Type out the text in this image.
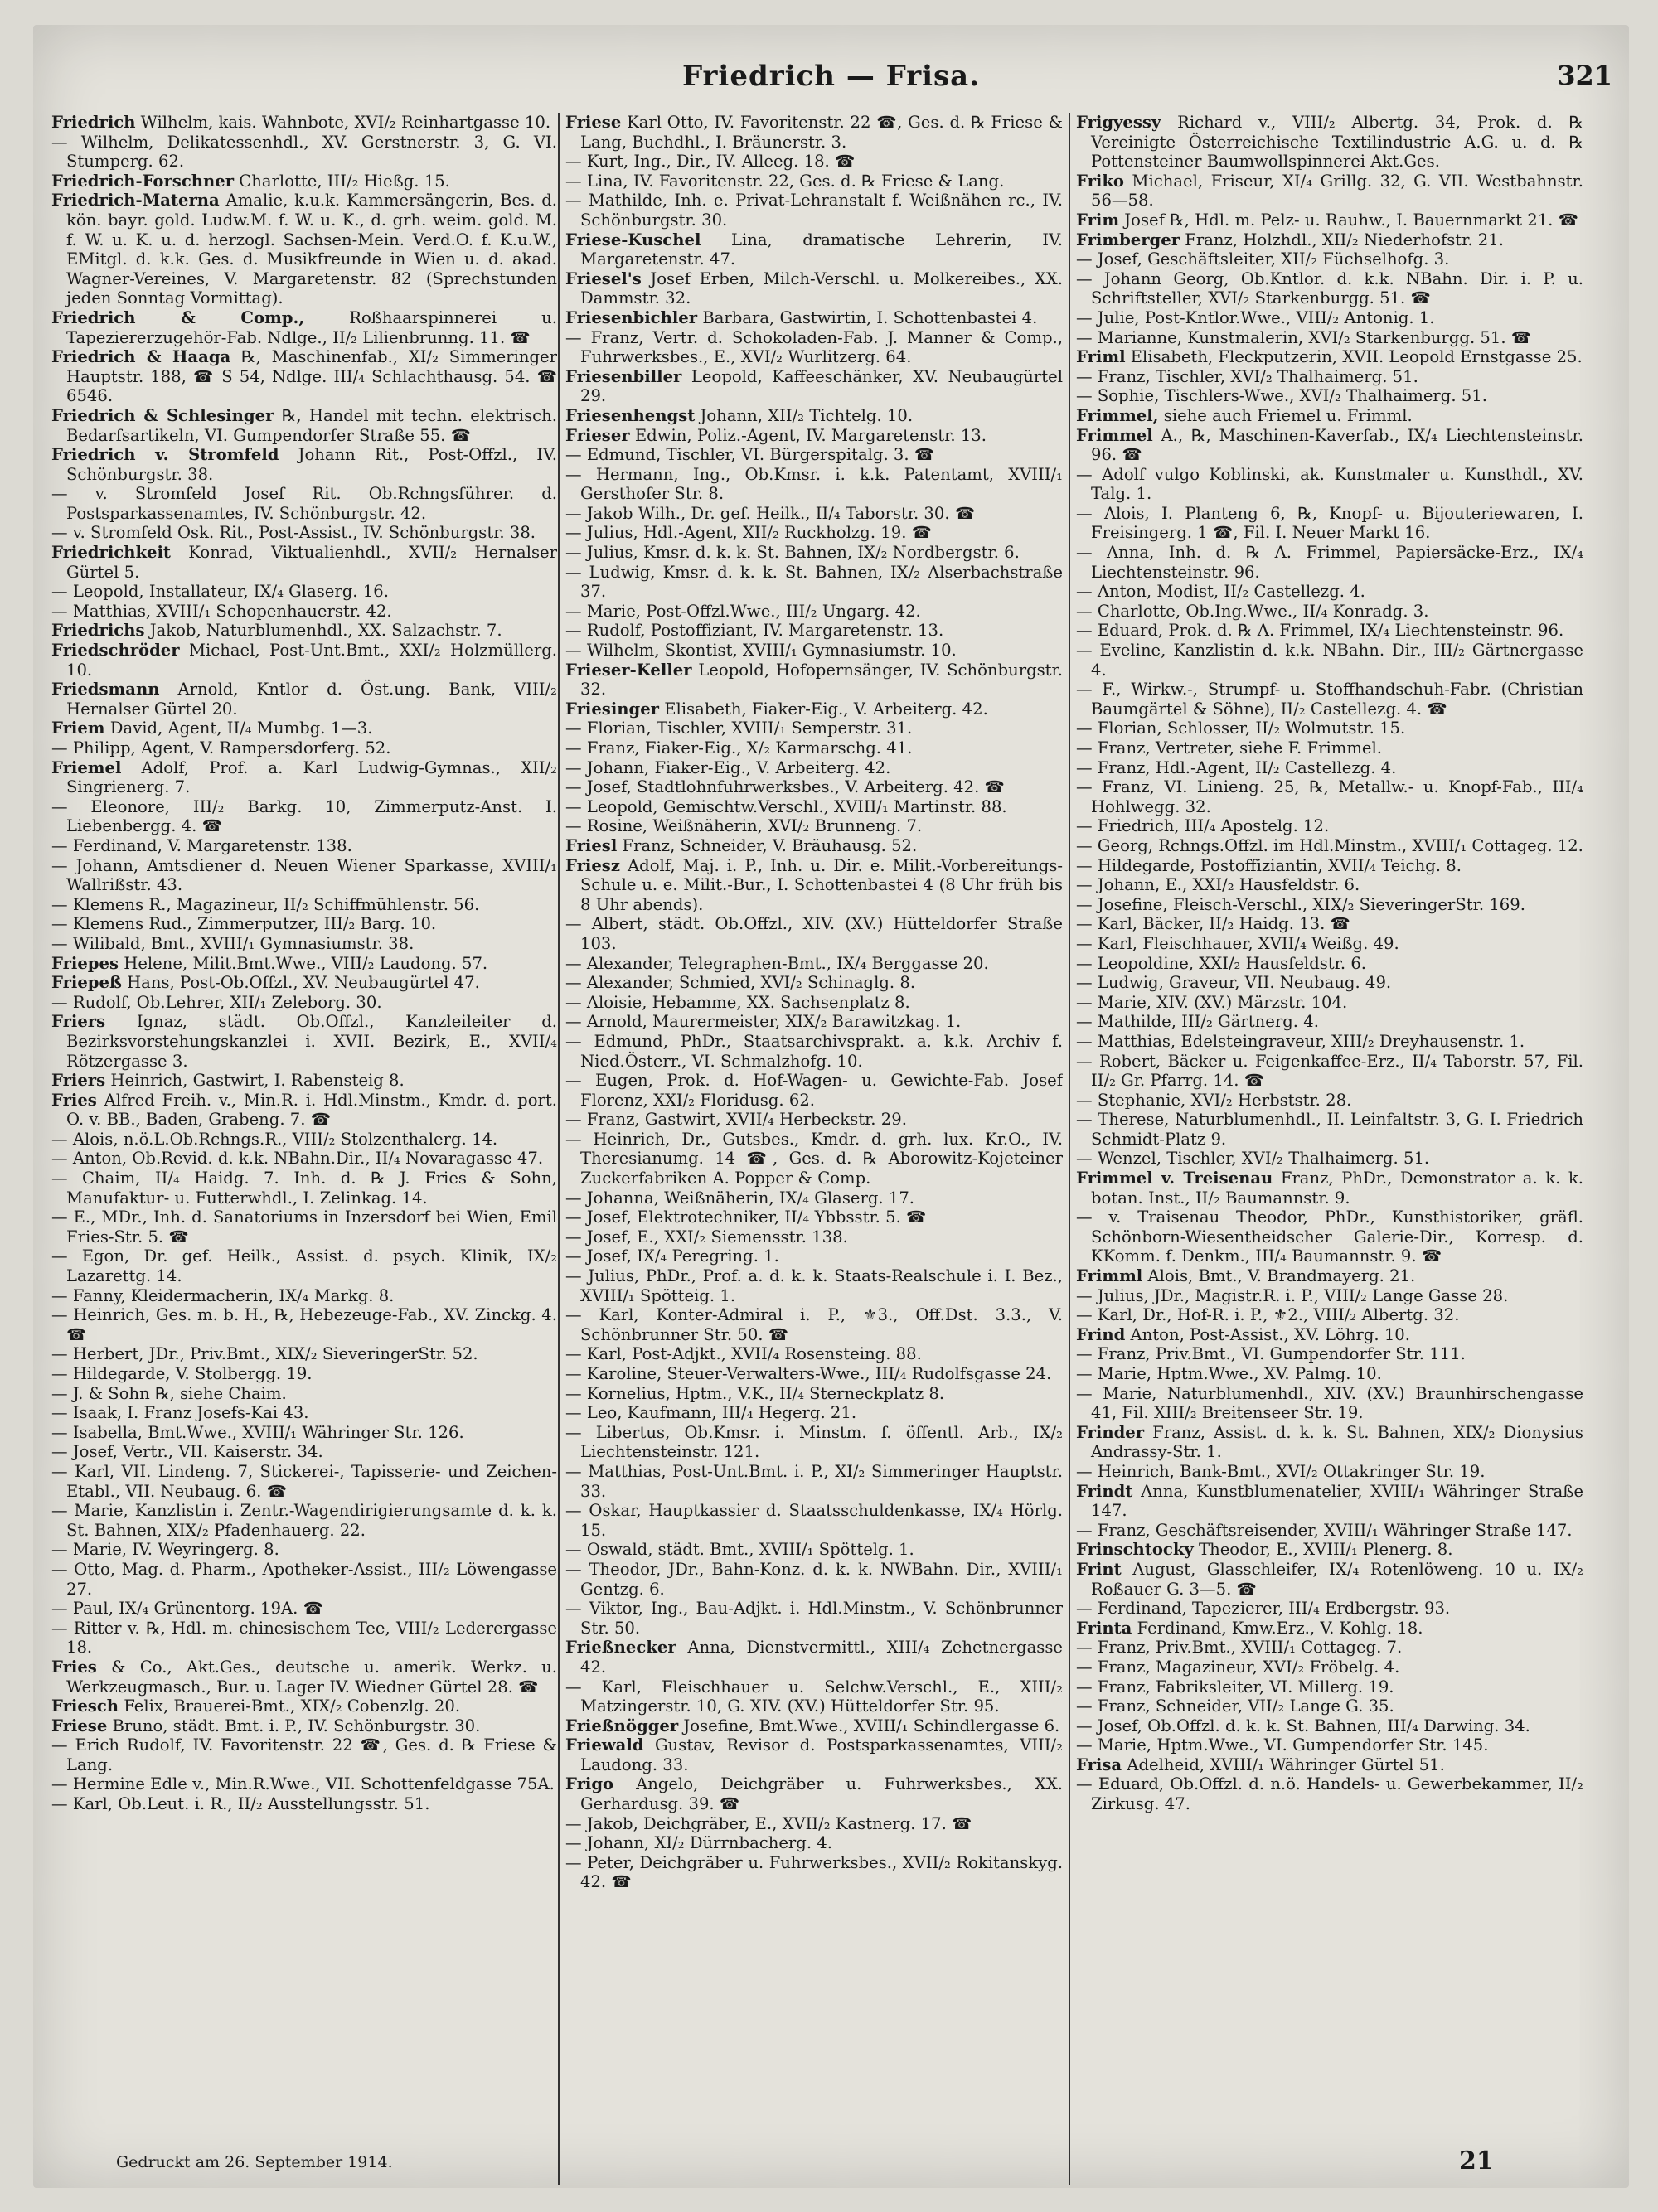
Friedrich — Frisa.	321
Friedrich Wilhelm, kais. Wahnbote, XVI/₂ Reinhartgasse 10.
— Wilhelm, Delikatessenhdl., XV. Gerstnerstr. 3, G. VI. Stumperg. 62.
Friedrich-Forschner Charlotte, III/₂ Hießg. 15.
Friedrich-Materna Amalie, k.u.k. Kammersängerin, Bes. d. kön. bayr. gold. Ludw.M. f. W. u. K., d. grh. weim. gold. M. f. W. u. K. u. d. herzogl. Sachsen-Mein. Verd.O. f. K.u.W., EMitgl. d. k.k. Ges. d. Musikfreunde in Wien u. d. akad. Wagner-Vereines, V. Margaretenstr. 82 (Sprechstunden jeden Sonntag Vormittag).
Friedrich & Comp., Roßhaarspinnerei u. Tapeziererzugehör-Fab. Ndlge., II/₂ Lilienbrunng. 11. ☎
Friedrich & Haaga ℞, Maschinenfab., XI/₂ Simmeringer Hauptstr. 188, ☎ S 54, Ndlge. III/₄ Schlachthausg. 54. ☎ 6546.
Friedrich & Schlesinger ℞, Handel mit techn. elektrisch. Bedarfsartikeln, VI. Gumpendorfer Straße 55. ☎
Friedrich v. Stromfeld Johann Rit., Post-Offzl., IV. Schönburgstr. 38.
— v. Stromfeld Josef Rit. Ob.Rchngsführer. d. Postsparkassenamtes, IV. Schönburgstr. 42.
— v. Stromfeld Osk. Rit., Post-Assist., IV. Schönburgstr. 38.
Friedrichkeit Konrad, Viktualienhdl., XVII/₂ Hernalser Gürtel 5.
— Leopold, Installateur, IX/₄ Glaserg. 16.
— Matthias, XVIII/₁ Schopenhauerstr. 42.
Friedrichs Jakob, Naturblumenhdl., XX. Salzachstr. 7.
Friedschröder Michael, Post-Unt.Bmt., XXI/₂ Holzmüllerg. 10.
Friedsmann Arnold, Kntlor d. Öst.ung. Bank, VIII/₂ Hernalser Gürtel 20.
Friem David, Agent, II/₄ Mumbg. 1—3.
— Philipp, Agent, V. Rampersdorferg. 52.
Friemel Adolf, Prof. a. Karl Ludwig-Gymnas., XII/₂ Singrienerg. 7.
— Eleonore, III/₂ Barkg. 10, Zimmerputz-Anst. I. Liebenbergg. 4. ☎
— Ferdinand, V. Margaretenstr. 138.
— Johann, Amtsdiener d. Neuen Wiener Sparkasse, XVIII/₁ Wallrißstr. 43.
— Klemens R., Magazineur, II/₂ Schiffmühlenstr. 56.
— Klemens Rud., Zimmerputzer, III/₂ Barg. 10.
— Wilibald, Bmt., XVIII/₁ Gymnasiumstr. 38.
Friepes Helene, Milit.Bmt.Wwe., VIII/₂ Laudong. 57.
Friepeß Hans, Post-Ob.Offzl., XV. Neubaugürtel 47.
— Rudolf, Ob.Lehrer, XII/₁ Zeleborg. 30.
Friers Ignaz, städt. Ob.Offzl., Kanzleileiter d. Bezirksvorstehungskanzlei i. XVII. Bezirk, E., XVII/₄ Rötzergasse 3.
Friers Heinrich, Gastwirt, I. Rabensteig 8.
Fries Alfred Freih. v., Min.R. i. Hdl.Minstm., Kmdr. d. port. O. v. BB., Baden, Grabeng. 7. ☎
— Alois, n.ö.L.Ob.Rchngs.R., VIII/₂ Stolzenthalerg. 14.
— Anton, Ob.Revid. d. k.k. NBahn.Dir., II/₄ Novaragasse 47.
— Chaim, II/₄ Haidg. 7. Inh. d. ℞ J. Fries & Sohn, Manufaktur- u. Futterwhdl., I. Zelinkag. 14.
— E., MDr., Inh. d. Sanatoriums in Inzersdorf bei Wien, Emil Fries-Str. 5. ☎
— Egon, Dr. gef. Heilk., Assist. d. psych. Klinik, IX/₂ Lazarettg. 14.
— Fanny, Kleidermacherin, IX/₄ Markg. 8.
— Heinrich, Ges. m. b. H., ℞, Hebezeuge-Fab., XV. Zinckg. 4. ☎
— Herbert, JDr., Priv.Bmt., XIX/₂ SieveringerStr. 52.
— Hildegarde, V. Stolbergg. 19.
— J. & Sohn ℞, siehe Chaim.
— Isaak, I. Franz Josefs-Kai 43.
— Isabella, Bmt.Wwe., XVIII/₁ Währinger Str. 126.
— Josef, Vertr., VII. Kaiserstr. 34.
— Karl, VII. Lindeng. 7, Stickerei-, Tapisserie- und Zeichen-Etabl., VII. Neubaug. 6. ☎
— Marie, Kanzlistin i. Zentr.-Wagendirigierungsamte d. k. k. St. Bahnen, XIX/₂ Pfadenhauerg. 22.
— Marie, IV. Weyringerg. 8.
— Otto, Mag. d. Pharm., Apotheker-Assist., III/₂ Löwengasse 27.
— Paul, IX/₄ Grünentorg. 19A. ☎
— Ritter v. ℞, Hdl. m. chinesischem Tee, VIII/₂ Lederergasse 18.
Fries & Co., Akt.Ges., deutsche u. amerik. Werkz. u. Werkzeugmasch., Bur. u. Lager IV. Wiedner Gürtel 28. ☎
Friesch Felix, Brauerei-Bmt., XIX/₂ Cobenzlg. 20.
Friese Bruno, städt. Bmt. i. P., IV. Schönburgstr. 30.
— Erich Rudolf, IV. Favoritenstr. 22 ☎, Ges. d. ℞ Friese & Lang.
— Hermine Edle v., Min.R.Wwe., VII. Schottenfeldgasse 75A.
— Karl, Ob.Leut. i. R., II/₂ Ausstellungsstr. 51.
Friese Karl Otto, IV. Favoritenstr. 22 ☎, Ges. d. ℞ Friese & Lang, Buchdhl., I. Bräunerstr. 3.
— Kurt, Ing., Dir., IV. Alleeg. 18. ☎
— Lina, IV. Favoritenstr. 22, Ges. d. ℞ Friese & Lang.
— Mathilde, Inh. e. Privat-Lehranstalt f. Weißnähen rc., IV. Schönburgstr. 30.
Friese-Kuschel Lina, dramatische Lehrerin, IV. Margaretenstr. 47.
Friesel's Josef Erben, Milch-Verschl. u. Molkereibes., XX. Dammstr. 32.
Friesenbichler Barbara, Gastwirtin, I. Schottenbastei 4.
— Franz, Vertr. d. Schokoladen-Fab. J. Manner & Comp., Fuhrwerksbes., E., XVI/₂ Wurlitzerg. 64.
Friesenbiller Leopold, Kaffeeschänker, XV. Neubaugürtel 29.
Friesenhengst Johann, XII/₂ Tichtelg. 10.
Frieser Edwin, Poliz.-Agent, IV. Margaretenstr. 13.
— Edmund, Tischler, VI. Bürgerspitalg. 3. ☎
— Hermann, Ing., Ob.Kmsr. i. k.k. Patentamt, XVIII/₁ Gersthofer Str. 8.
— Jakob Wilh., Dr. gef. Heilk., II/₄ Taborstr. 30. ☎
— Julius, Hdl.-Agent, XII/₂ Ruckholzg. 19. ☎
— Julius, Kmsr. d. k. k. St. Bahnen, IX/₂ Nordbergstr. 6.
— Ludwig, Kmsr. d. k. k. St. Bahnen, IX/₂ Alserbachstraße 37.
— Marie, Post-Offzl.Wwe., III/₂ Ungarg. 42.
— Rudolf, Postoffiziant, IV. Margaretenstr. 13.
— Wilhelm, Skontist, XVIII/₁ Gymnasiumstr. 10.
Frieser-Keller Leopold, Hofopernsänger, IV. Schönburgstr. 32.
Friesinger Elisabeth, Fiaker-Eig., V. Arbeiterg. 42.
— Florian, Tischler, XVIII/₁ Semperstr. 31.
— Franz, Fiaker-Eig., X/₂ Karmarschg. 41.
— Johann, Fiaker-Eig., V. Arbeiterg. 42.
— Josef, Stadtlohnfuhrwerksbes., V. Arbeiterg. 42. ☎
— Leopold, Gemischtw.Verschl., XVIII/₁ Martinstr. 88.
— Rosine, Weißnäherin, XVI/₂ Brunneng. 7.
Friesl Franz, Schneider, V. Bräuhausg. 52.
Friesz Adolf, Maj. i. P., Inh. u. Dir. e. Milit.-Vorbereitungs-Schule u. e. Milit.-Bur., I. Schottenbastei 4 (8 Uhr früh bis 8 Uhr abends).
— Albert, städt. Ob.Offzl., XIV. (XV.) Hütteldorfer Straße 103.
— Alexander, Telegraphen-Bmt., IX/₄ Berggasse 20.
— Alexander, Schmied, XVI/₂ Schinaglg. 8.
— Aloisie, Hebamme, XX. Sachsenplatz 8.
— Arnold, Maurermeister, XIX/₂ Barawitzkag. 1.
— Edmund, PhDr., Staatsarchivsprakt. a. k.k. Archiv f. Nied.Österr., VI. Schmalzhofg. 10.
— Eugen, Prok. d. Hof-Wagen- u. Gewichte-Fab. Josef Florenz, XXI/₂ Floridusg. 62.
— Franz, Gastwirt, XVII/₄ Herbeckstr. 29.
— Heinrich, Dr., Gutsbes., Kmdr. d. grh. lux. Kr.O., IV. Theresianumg. 14 ☎, Ges. d. ℞ Aborowitz-Kojeteiner Zuckerfabriken A. Popper & Comp.
— Johanna, Weißnäherin, IX/₄ Glaserg. 17.
— Josef, Elektrotechniker, II/₄ Ybbsstr. 5. ☎
— Josef, E., XXI/₂ Siemensstr. 138.
— Josef, IX/₄ Peregring. 1.
— Julius, PhDr., Prof. a. d. k. k. Staats-Realschule i. I. Bez., XVIII/₁ Spötteig. 1.
— Karl, Konter-Admiral i. P., ⚜3., Off.Dst. 3.3., V. Schönbrunner Str. 50. ☎
— Karl, Post-Adjkt., XVII/₄ Rosensteing. 88.
— Karoline, Steuer-Verwalters-Wwe., III/₄ Rudolfsgasse 24.
— Kornelius, Hptm., V.K., II/₄ Sterneckplatz 8.
— Leo, Kaufmann, III/₄ Hegerg. 21.
— Libertus, Ob.Kmsr. i. Minstm. f. öffentl. Arb., IX/₂ Liechtensteinstr. 121.
— Matthias, Post-Unt.Bmt. i. P., XI/₂ Simmeringer Hauptstr. 33.
— Oskar, Hauptkassier d. Staatsschuldenkasse, IX/₄ Hörlg. 15.
— Oswald, städt. Bmt., XVIII/₁ Spöttelg. 1.
— Theodor, JDr., Bahn-Konz. d. k. k. NWBahn. Dir., XVIII/₁ Gentzg. 6.
— Viktor, Ing., Bau-Adjkt. i. Hdl.Minstm., V. Schönbrunner Str. 50.
Frießnecker Anna, Dienstvermittl., XIII/₄ Zehetnergasse 42.
— Karl, Fleischhauer u. Selchw.Verschl., E., XIII/₂ Matzingerstr. 10, G. XIV. (XV.) Hütteldorfer Str. 95.
Frießnögger Josefine, Bmt.Wwe., XVIII/₁ Schindlergasse 6.
Friewald Gustav, Revisor d. Postsparkassenamtes, VIII/₂ Laudong. 33.
Frigo Angelo, Deichgräber u. Fuhrwerksbes., XX. Gerhardusg. 39. ☎
— Jakob, Deichgräber, E., XVII/₂ Kastnerg. 17. ☎
— Johann, XI/₂ Dürrnbacherg. 4.
— Peter, Deichgräber u. Fuhrwerksbes., XVII/₂ Rokitanskyg. 42. ☎
Frigyessy Richard v., VIII/₂ Albertg. 34, Prok. d. ℞ Vereinigte Österreichische Textilindustrie A.G. u. d. ℞ Pottensteiner Baumwollspinnerei Akt.Ges.
Friko Michael, Friseur, XI/₄ Grillg. 32, G. VII. Westbahnstr. 56—58.
Frim Josef ℞, Hdl. m. Pelz- u. Rauhw., I. Bauernmarkt 21. ☎
Frimberger Franz, Holzhdl., XII/₂ Niederhofstr. 21.
— Josef, Geschäftsleiter, XII/₂ Füchselhofg. 3.
— Johann Georg, Ob.Kntlor. d. k.k. NBahn. Dir. i. P. u. Schriftsteller, XVI/₂ Starkenburgg. 51. ☎
— Julie, Post-Kntlor.Wwe., VIII/₂ Antonig. 1.
— Marianne, Kunstmalerin, XVI/₂ Starkenburgg. 51. ☎
Friml Elisabeth, Fleckputzerin, XVII. Leopold Ernstgasse 25.
— Franz, Tischler, XVI/₂ Thalhaimerg. 51.
— Sophie, Tischlers-Wwe., XVI/₂ Thalhaimerg. 51.
Frimmel, siehe auch Friemel u. Frimml.
Frimmel A., ℞, Maschinen-Kaverfab., IX/₄ Liechtensteinstr. 96. ☎
— Adolf vulgo Koblinski, ak. Kunstmaler u. Kunsthdl., XV. Talg. 1.
— Alois, I. Planteng 6, ℞, Knopf- u. Bijouteriewaren, I. Freisingerg. 1 ☎, Fil. I. Neuer Markt 16.
— Anna, Inh. d. ℞ A. Frimmel, Papiersäcke-Erz., IX/₄ Liechtensteinstr. 96.
— Anton, Modist, II/₂ Castellezg. 4.
— Charlotte, Ob.Ing.Wwe., II/₄ Konradg. 3.
— Eduard, Prok. d. ℞ A. Frimmel, IX/₄ Liechtensteinstr. 96.
— Eveline, Kanzlistin d. k.k. NBahn. Dir., III/₂ Gärtnergasse 4.
— F., Wirkw.-, Strumpf- u. Stoffhandschuh-Fabr. (Christian Baumgärtel & Söhne), II/₂ Castellezg. 4. ☎
— Florian, Schlosser, II/₂ Wolmutstr. 15.
— Franz, Vertreter, siehe F. Frimmel.
— Franz, Hdl.-Agent, II/₂ Castellezg. 4.
— Franz, VI. Linieng. 25, ℞, Metallw.- u. Knopf-Fab., III/₄ Hohlwegg. 32.
— Friedrich, III/₄ Apostelg. 12.
— Georg, Rchngs.Offzl. im Hdl.Minstm., XVIII/₁ Cottageg. 12.
— Hildegarde, Postoffiziantin, XVII/₄ Teichg. 8.
— Johann, E., XXI/₂ Hausfeldstr. 6.
— Josefine, Fleisch-Verschl., XIX/₂ SieveringerStr. 169.
— Karl, Bäcker, II/₂ Haidg. 13. ☎
— Karl, Fleischhauer, XVII/₄ Weißg. 49.
— Leopoldine, XXI/₂ Hausfeldstr. 6.
— Ludwig, Graveur, VII. Neubaug. 49.
— Marie, XIV. (XV.) Märzstr. 104.
— Mathilde, III/₂ Gärtnerg. 4.
— Matthias, Edelsteingraveur, XIII/₂ Dreyhausenstr. 1.
— Robert, Bäcker u. Feigenkaffee-Erz., II/₄ Taborstr. 57, Fil. II/₂ Gr. Pfarrg. 14. ☎
— Stephanie, XVI/₂ Herbststr. 28.
— Therese, Naturblumenhdl., II. Leinfaltstr. 3, G. I. Friedrich Schmidt-Platz 9.
— Wenzel, Tischler, XVI/₂ Thalhaimerg. 51.
Frimmel v. Treisenau Franz, PhDr., Demonstrator a. k. k. botan. Inst., II/₂ Baumannstr. 9.
— v. Traisenau Theodor, PhDr., Kunsthistoriker, gräfl. Schönborn-Wiesentheidscher Galerie-Dir., Korresp. d. KKomm. f. Denkm., III/₄ Baumannstr. 9. ☎
Frimml Alois, Bmt., V. Brandmayerg. 21.
— Julius, JDr., Magistr.R. i. P., VIII/₂ Lange Gasse 28.
— Karl, Dr., Hof-R. i. P., ⚜2., VIII/₂ Albertg. 32.
Frind Anton, Post-Assist., XV. Löhrg. 10.
— Franz, Priv.Bmt., VI. Gumpendorfer Str. 111.
— Marie, Hptm.Wwe., XV. Palmg. 10.
— Marie, Naturblumenhdl., XIV. (XV.) Braunhirschengasse 41, Fil. XIII/₂ Breitenseer Str. 19.
Frinder Franz, Assist. d. k. k. St. Bahnen, XIX/₂ Dionysius Andrassy-Str. 1.
— Heinrich, Bank-Bmt., XVI/₂ Ottakringer Str. 19.
Frindt Anna, Kunstblumenatelier, XVIII/₁ Währinger Straße 147.
— Franz, Geschäftsreisender, XVIII/₁ Währinger Straße 147.
Frinschtocky Theodor, E., XVIII/₁ Plenerg. 8.
Frint August, Glasschleifer, IX/₄ Rotenlöweng. 10 u. IX/₂ Roßauer G. 3—5. ☎
— Ferdinand, Tapezierer, III/₄ Erdbergstr. 93.
Frinta Ferdinand, Kmw.Erz., V. Kohlg. 18.
— Franz, Priv.Bmt., XVIII/₁ Cottageg. 7.
— Franz, Magazineur, XVI/₂ Fröbelg. 4.
— Franz, Fabriksleiter, VI. Millerg. 19.
— Franz, Schneider, VII/₂ Lange G. 35.
— Josef, Ob.Offzl. d. k. k. St. Bahnen, III/₄ Darwing. 34.
— Marie, Hptm.Wwe., VI. Gumpendorfer Str. 145.
Frisa Adelheid, XVIII/₁ Währinger Gürtel 51.
— Eduard, Ob.Offzl. d. n.ö. Handels- u. Gewerbekammer, II/₂ Zirkusg. 47.
Gedruckt am 26. September 1914.	21
